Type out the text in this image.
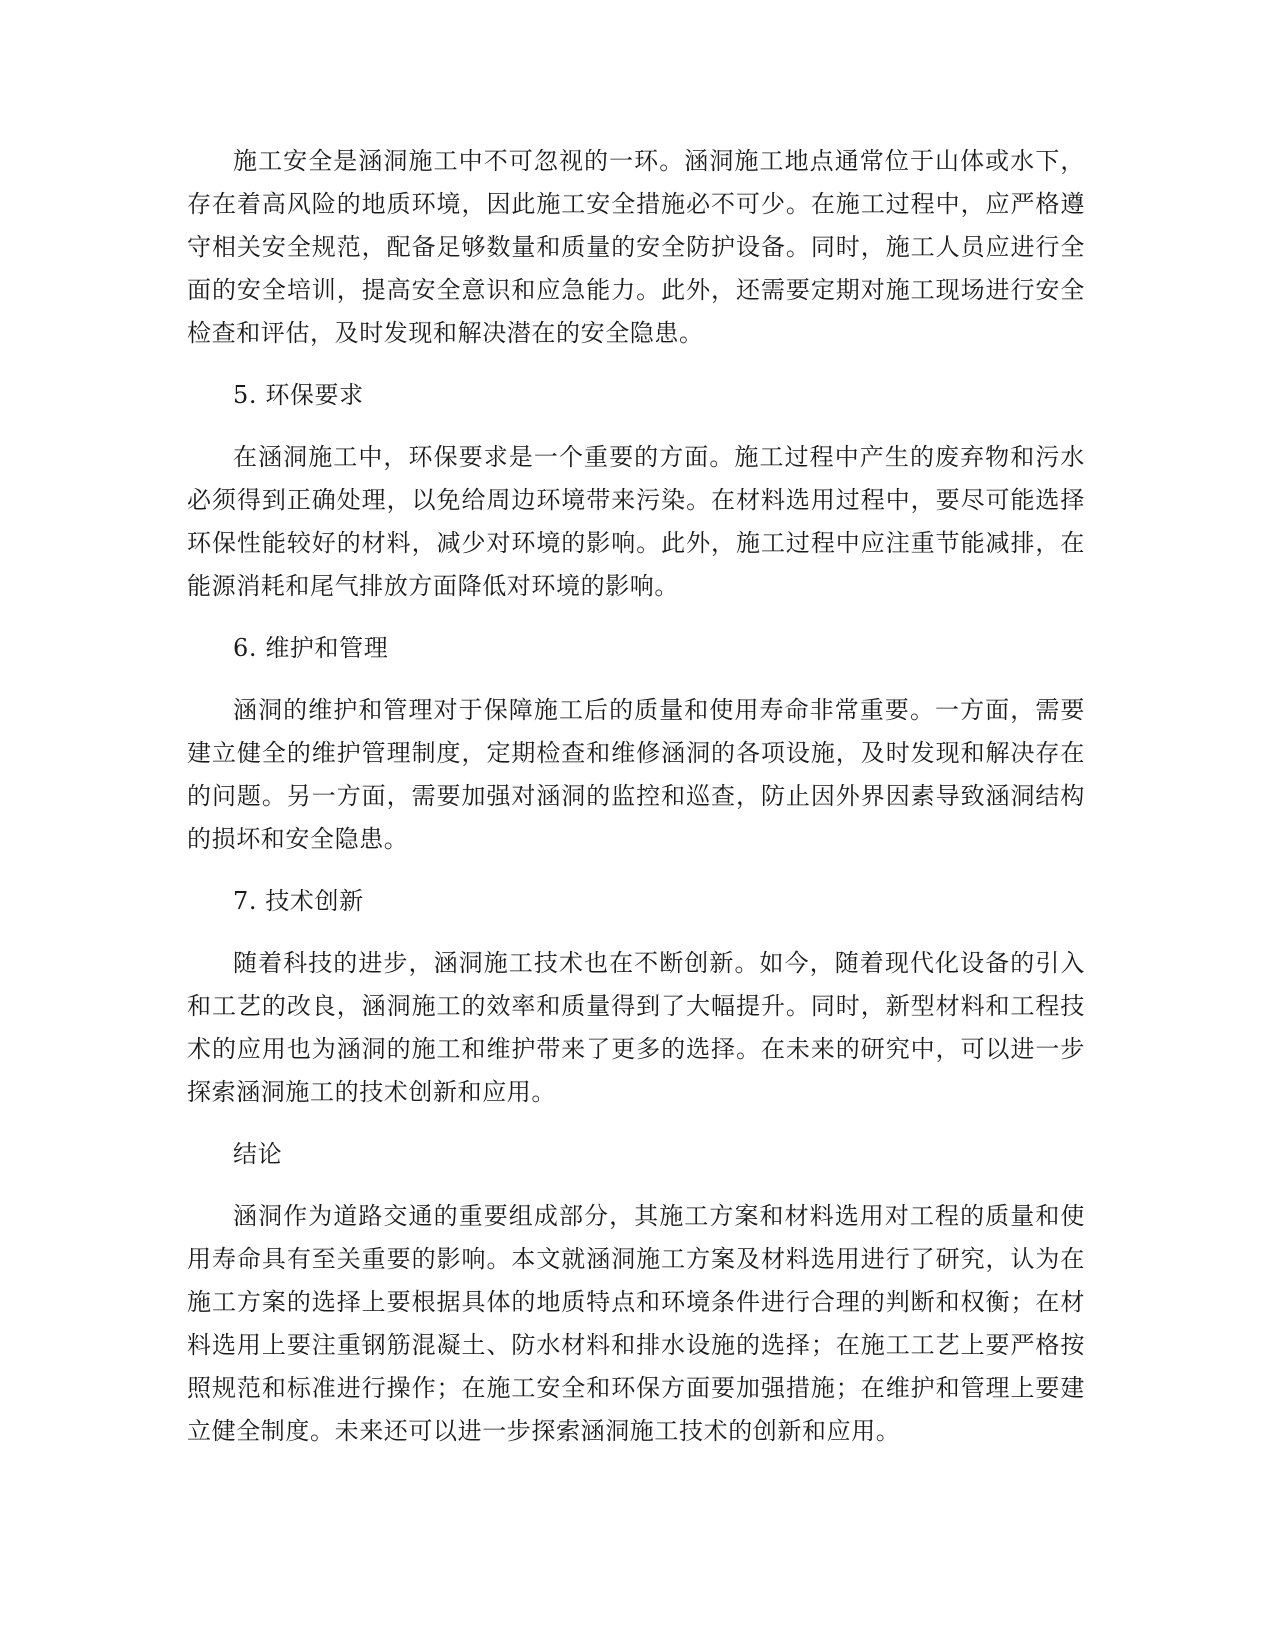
施工安全是涵洞施工中不可忽视的一环。涵洞施工地点通常位于山体或水下，存在着高风险的地质环境，因此施工安全措施必不可少。在施工过程中，应严格遵守相关安全规范，配备足够数量和质量的安全防护设备。同时，施工人员应进行全面的安全培训，提高安全意识和应急能力。此外，还需要定期对施工现场进行安全检查和评估，及时发现和解决潜在的安全隐患。

5. 环保要求

在涵洞施工中，环保要求是一个重要的方面。施工过程中产生的废弃物和污水必须得到正确处理，以免给周边环境带来污染。在材料选用过程中，要尽可能选择环保性能较好的材料，减少对环境的影响。此外，施工过程中应注重节能减排，在能源消耗和尾气排放方面降低对环境的影响。

6. 维护和管理

涵洞的维护和管理对于保障施工后的质量和使用寿命非常重要。一方面，需要建立健全的维护管理制度，定期检查和维修涵洞的各项设施，及时发现和解决存在的问题。另一方面，需要加强对涵洞的监控和巡查，防止因外界因素导致涵洞结构的损坏和安全隐患。

7. 技术创新

随着科技的进步，涵洞施工技术也在不断创新。如今，随着现代化设备的引入和工艺的改良，涵洞施工的效率和质量得到了大幅提升。同时，新型材料和工程技术的应用也为涵洞的施工和维护带来了更多的选择。在未来的研究中，可以进一步探索涵洞施工的技术创新和应用。

结论

涵洞作为道路交通的重要组成部分，其施工方案和材料选用对工程的质量和使用寿命具有至关重要的影响。本文就涵洞施工方案及材料选用进行了研究，认为在施工方案的选择上要根据具体的地质特点和环境条件进行合理的判断和权衡；在材料选用上要注重钢筋混凝土、防水材料和排水设施的选择；在施工工艺上要严格按照规范和标准进行操作；在施工安全和环保方面要加强措施；在维护和管理上要建立健全制度。未来还可以进一步探索涵洞施工技术的创新和应用。
